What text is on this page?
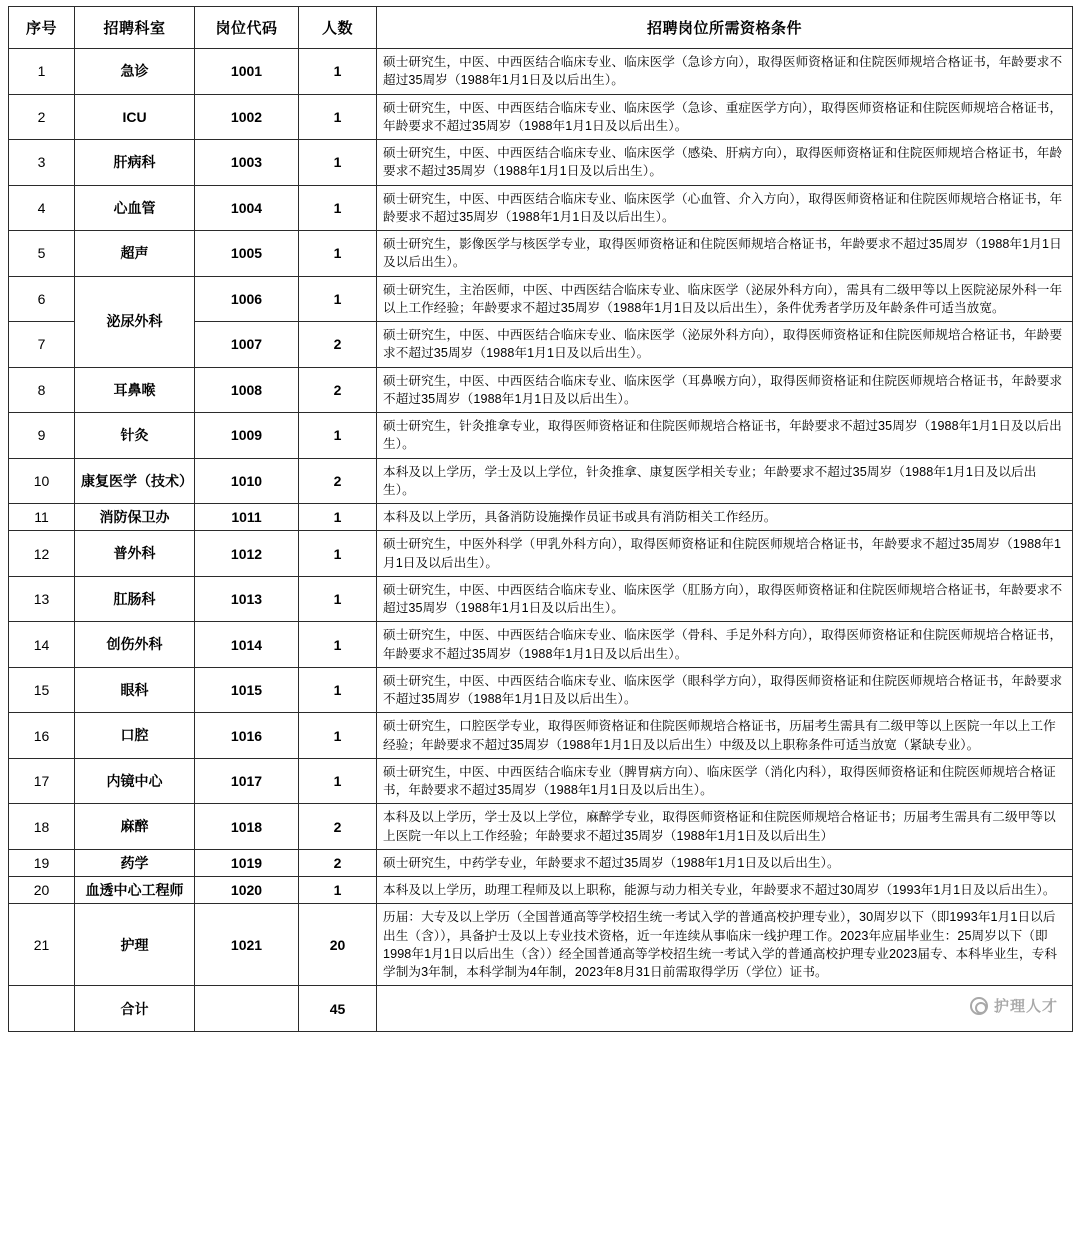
序号	招聘科室	岗位代码	人数	招聘岗位所需资格条件
1	急诊	1001	1	硕士研究生，中医、中西医结合临床专业、临床医学（急诊方向），取得医师资格证和住院医师规培合格证书，年龄要求不超过35周岁（1988年1月1日及以后出生）。
2	ICU	1002	1	硕士研究生，中医、中西医结合临床专业、临床医学（急诊、重症医学方向），取得医师资格证和住院医师规培合格证书，年龄要求不超过35周岁（1988年1月1日及以后出生）。
3	肝病科	1003	1	硕士研究生，中医、中西医结合临床专业、临床医学（感染、肝病方向），取得医师资格证和住院医师规培合格证书，年龄要求不超过35周岁（1988年1月1日及以后出生）。
4	心血管	1004	1	硕士研究生，中医、中西医结合临床专业、临床医学（心血管、介入方向），取得医师资格证和住院医师规培合格证书，年龄要求不超过35周岁（1988年1月1日及以后出生）。
5	超声	1005	1	硕士研究生，影像医学与核医学专业，取得医师资格证和住院医师规培合格证书，年龄要求不超过35周岁（1988年1月1日及以后出生）。
6	泌尿外科	1006	1	硕士研究生，主治医师，中医、中西医结合临床专业、临床医学（泌尿外科方向），需具有二级甲等以上医院泌尿外科一年以上工作经验；年龄要求不超过35周岁（1988年1月1日及以后出生），条件优秀者学历及年龄条件可适当放宽。
7		1007	2	硕士研究生，中医、中西医结合临床专业、临床医学（泌尿外科方向），取得医师资格证和住院医师规培合格证书，年龄要求不超过35周岁（1988年1月1日及以后出生）。
8	耳鼻喉	1008	2	硕士研究生，中医、中西医结合临床专业、临床医学（耳鼻喉方向），取得医师资格证和住院医师规培合格证书，年龄要求不超过35周岁（1988年1月1日及以后出生）。
9	针灸	1009	1	硕士研究生，针灸推拿专业，取得医师资格证和住院医师规培合格证书，年龄要求不超过35周岁（1988年1月1日及以后出生）。
10	康复医学（技术）	1010	2	本科及以上学历，学士及以上学位，针灸推拿、康复医学相关专业；年龄要求不超过35周岁（1988年1月1日及以后出生）。
11	消防保卫办	1011	1	本科及以上学历，具备消防设施操作员证书或具有消防相关工作经历。
12	普外科	1012	1	硕士研究生，中医外科学（甲乳外科方向），取得医师资格证和住院医师规培合格证书，年龄要求不超过35周岁（1988年1月1日及以后出生）。
13	肛肠科	1013	1	硕士研究生，中医、中西医结合临床专业、临床医学（肛肠方向），取得医师资格证和住院医师规培合格证书，年龄要求不超过35周岁（1988年1月1日及以后出生）。
14	创伤外科	1014	1	硕士研究生，中医、中西医结合临床专业、临床医学（骨科、手足外科方向），取得医师资格证和住院医师规培合格证书，年龄要求不超过35周岁（1988年1月1日及以后出生）。
15	眼科	1015	1	硕士研究生，中医、中西医结合临床专业、临床医学（眼科学方向），取得医师资格证和住院医师规培合格证书，年龄要求不超过35周岁（1988年1月1日及以后出生）。
16	口腔	1016	1	硕士研究生，口腔医学专业，取得医师资格证和住院医师规培合格证书，历届考生需具有二级甲等以上医院一年以上工作经验；年龄要求不超过35周岁（1988年1月1日及以后出生）中级及以上职称条件可适当放宽（紧缺专业）。
17	内镜中心	1017	1	硕士研究生，中医、中西医结合临床专业（脾胃病方向）、临床医学（消化内科），取得医师资格证和住院医师规培合格证书，年龄要求不超过35周岁（1988年1月1日及以后出生）。
18	麻醉	1018	2	本科及以上学历，学士及以上学位，麻醉学专业，取得医师资格证和住院医师规培合格证书；历届考生需具有二级甲等以上医院一年以上工作经验；年龄要求不超过35周岁（1988年1月1日及以后出生）
19	药学	1019	2	硕士研究生，中药学专业，年龄要求不超过35周岁（1988年1月1日及以后出生）。
20	血透中心工程师	1020	1	本科及以上学历，助理工程师及以上职称，能源与动力相关专业，年龄要求不超过30周岁（1993年1月1日及以后出生）。
21	护理	1021	20	历届：大专及以上学历（全国普通高等学校招生统一考试入学的普通高校护理专业），30周岁以下（即1993年1月1日以后出生（含）），具备护士及以上专业技术资格，近一年连续从事临床一线护理工作。2023年应届毕业生：25周岁以下（即1998年1月1日以后出生（含））经全国普通高等学校招生统一考试入学的普通高校护理专业2023届专、本科毕业生，专科学制为3年制，本科学制为4年制，2023年8月31日前需取得学历（学位）证书。
	合计		45		护理人才
